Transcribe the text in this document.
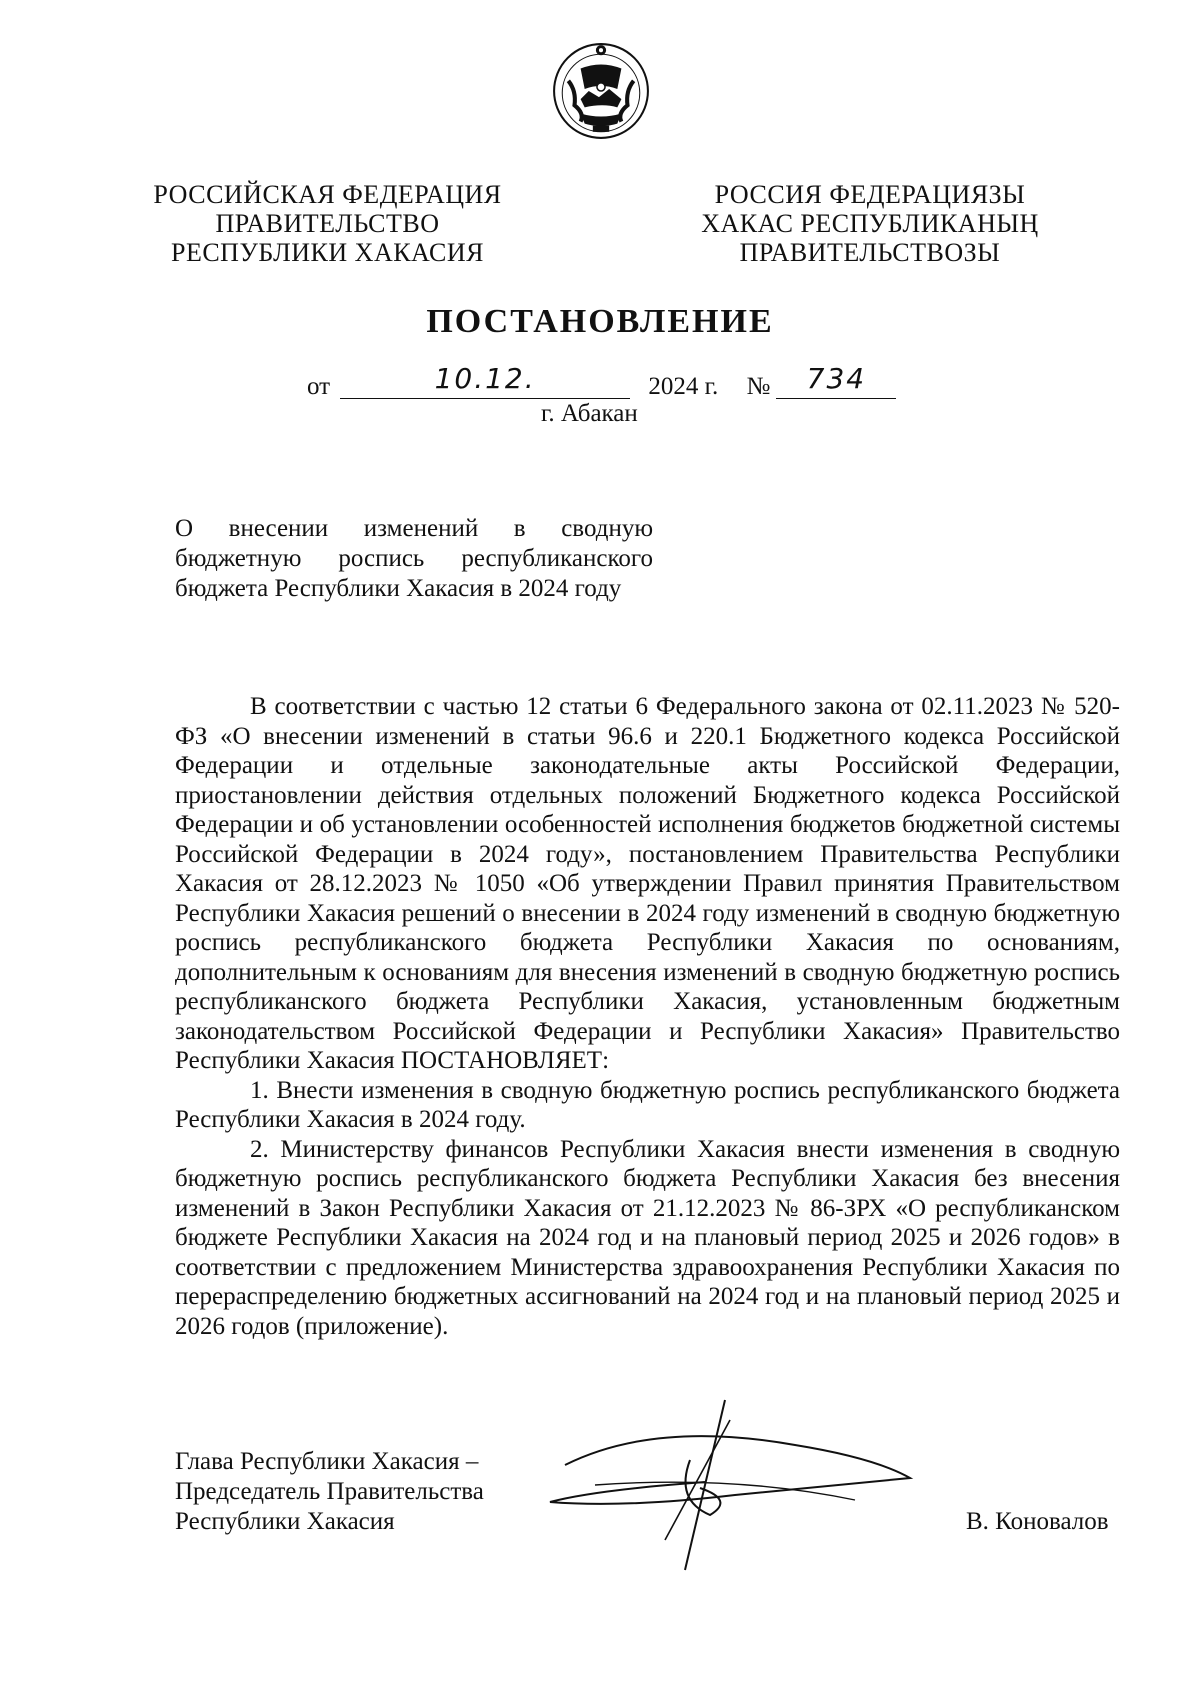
РОССИЙСКАЯ ФЕДЕРАЦИЯ
ПРАВИТЕЛЬСТВО
РЕСПУБЛИКИ ХАКАСИЯ
РОССИЯ ФЕДЕРАЦИЯЗЫ
ХАКАС РЕСПУБЛИКАНЫҢ
ПРАВИТЕЛЬСТВОЗЫ
ПОСТАНОВЛЕНИЕ
от	10.12.	2024 г. № 734
г. Абакан

О внесении изменений в сводную бюджетную роспись республиканского бюджета Республики Хакасия в 2024 году

В соответствии с частью 12 статьи 6 Федерального закона от 02.11.2023 № 520-ФЗ «О внесении изменений в статьи 96.6 и 220.1 Бюджетного кодекса Российской Федерации и отдельные законодательные акты Российской Федерации, приостановлении действия отдельных положений Бюджетного кодекса Российской Федерации и об установлении особенностей исполнения бюджетов бюджетной системы Российской Федерации в 2024 году», постановлением Правительства Республики Хакасия от 28.12.2023 № 1050 «Об утверждении Правил принятия Правительством Республики Хакасия решений о внесении в 2024 году изменений в сводную бюджетную роспись республиканского бюджета Республики Хакасия по основаниям, дополнительным к основаниям для внесения изменений в сводную бюджетную роспись республиканского бюджета Республики Хакасия, установленным бюджетным законодательством Российской Федерации и Республики Хакасия» Правительство Республики Хакасия ПОСТАНОВЛЯЕТ:

1. Внести изменения в сводную бюджетную роспись республиканского бюджета Республики Хакасия в 2024 году.

2. Министерству финансов Республики Хакасия внести изменения в сводную бюджетную роспись республиканского бюджета Республики Хакасия без внесения изменений в Закон Республики Хакасия от 21.12.2023 № 86-ЗРХ «О республиканском бюджете Республики Хакасия на 2024 год и на плановый период 2025 и 2026 годов» в соответствии с предложением Министерства здравоохранения Республики Хакасия по перераспределению бюджетных ассигнований на 2024 год и на плановый период 2025 и 2026 годов (приложение).

Глава Республики Хакасия –
Председатель Правительства
Республики Хакасия	В. Коновалов
